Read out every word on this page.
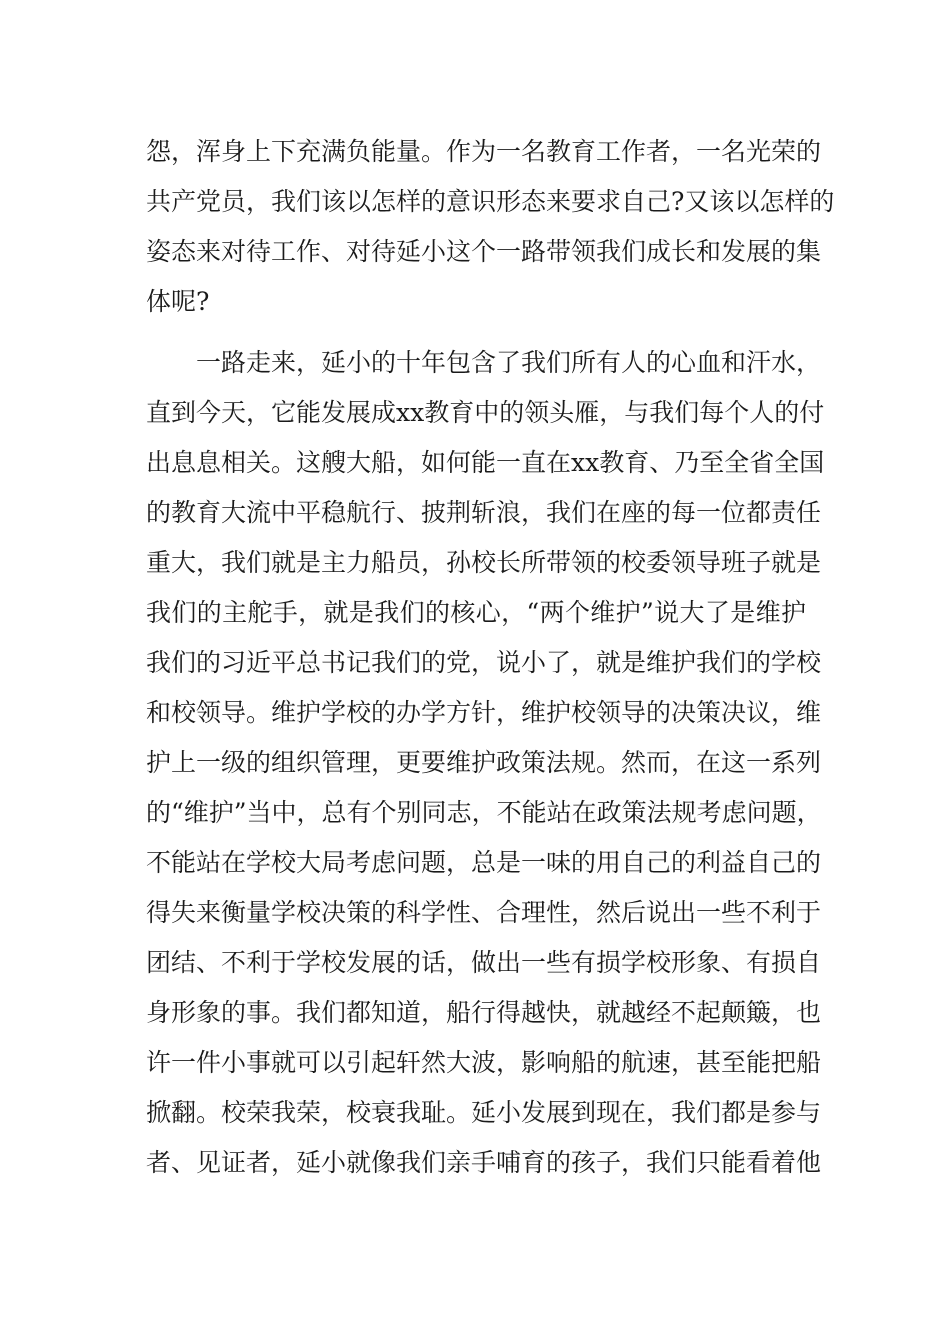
怨，浑身上下充满负能量。作为一名教育工作者，一名光荣的
共产党员，我们该以怎样的意识形态来要求自己?又该以怎样的
姿态来对待工作、对待延小这个一路带领我们成长和发展的集
体呢?
一路走来，延小的十年包含了我们所有人的心血和汗水，
直到今天，它能发展成xx教育中的领头雁，与我们每个人的付
出息息相关。这艘大船，如何能一直在xx教育、乃至全省全国
的教育大流中平稳航行、披荆斩浪，我们在座的每一位都责任
重大，我们就是主力船员，孙校长所带领的校委领导班子就是
我们的主舵手，就是我们的核心，“两个维护”说大了是维护
我们的习近平总书记我们的党，说小了，就是维护我们的学校
和校领导。维护学校的办学方针，维护校领导的决策决议，维
护上一级的组织管理，更要维护政策法规。然而，在这一系列
的“维护”当中，总有个别同志，不能站在政策法规考虑问题，
不能站在学校大局考虑问题，总是一味的用自己的利益自己的
得失来衡量学校决策的科学性、合理性，然后说出一些不利于
团结、不利于学校发展的话，做出一些有损学校形象、有损自
身形象的事。我们都知道，船行得越快，就越经不起颠簸，也
许一件小事就可以引起轩然大波，影响船的航速，甚至能把船
掀翻。校荣我荣，校衰我耻。延小发展到现在，我们都是参与
者、见证者，延小就像我们亲手哺育的孩子，我们只能看着他
